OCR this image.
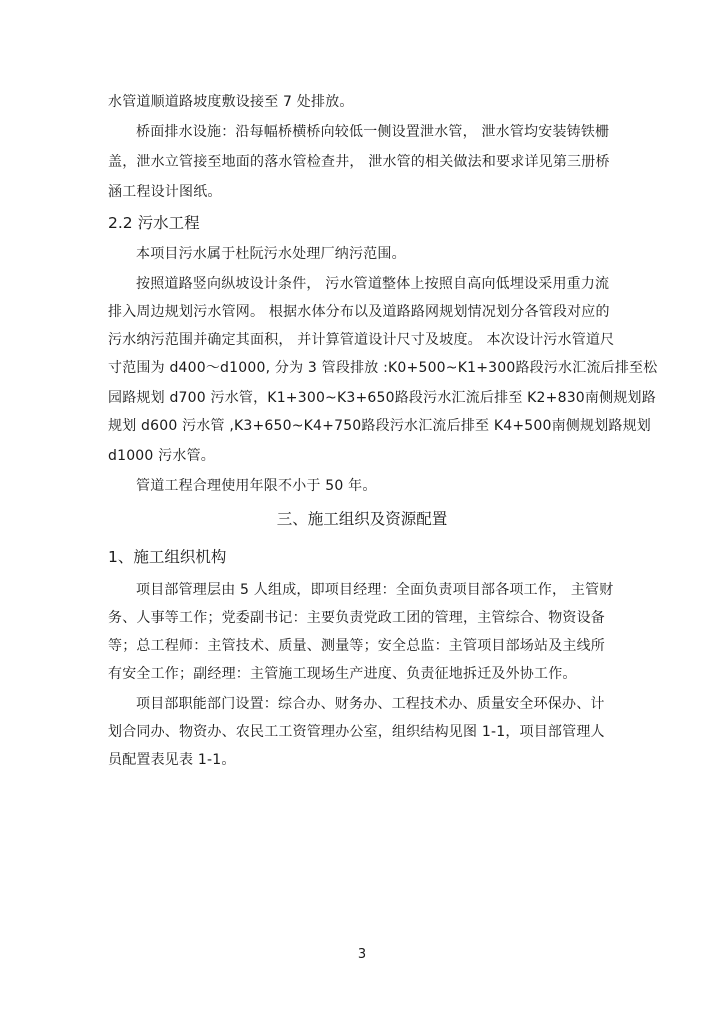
水管道顺道路坡度敷设接至 7 处排放。
桥面排水设施：沿每幅桥横桥向较低一侧设置泄水管， 泄水管均安装铸铁栅
盖，泄水立管接至地面的落水管检查井， 泄水管的相关做法和要求详见第三册桥
涵工程设计图纸。
2.2 污水工程
本项目污水属于杜阮污水处理厂纳污范围。
按照道路竖向纵坡设计条件， 污水管道整体上按照自高向低埋设采用重力流
排入周边规划污水管网。 根据水体分布以及道路路网规划情况划分各管段对应的
污水纳污范围并确定其面积， 并计算管道设计尺寸及坡度。 本次设计污水管道尺
寸范围为 d400～d1000, 分为 3 管段排放 :K0+500~K1+300路段污水汇流后排至松
园路规划 d700 污水管，K1+300~K3+650路段污水汇流后排至 K2+830南侧规划路
规划 d600 污水管 ,K3+650~K4+750路段污水汇流后排至 K4+500南侧规划路规划
d1000 污水管。
管道工程合理使用年限不小于 50 年。
三、施工组织及资源配置
1、施工组织机构
项目部管理层由 5 人组成，即项目经理：全面负责项目部各项工作， 主管财
务、人事等工作；党委副书记：主要负责党政工团的管理，主管综合、物资设备
等；总工程师：主管技术、质量、测量等；安全总监：主管项目部场站及主线所
有安全工作；副经理：主管施工现场生产进度、负责征地拆迁及外协工作。
项目部职能部门设置：综合办、财务办、工程技术办、质量安全环保办、计
划合同办、物资办、农民工工资管理办公室，组织结构见图 1-1，项目部管理人
员配置表见表 1-1。
3
